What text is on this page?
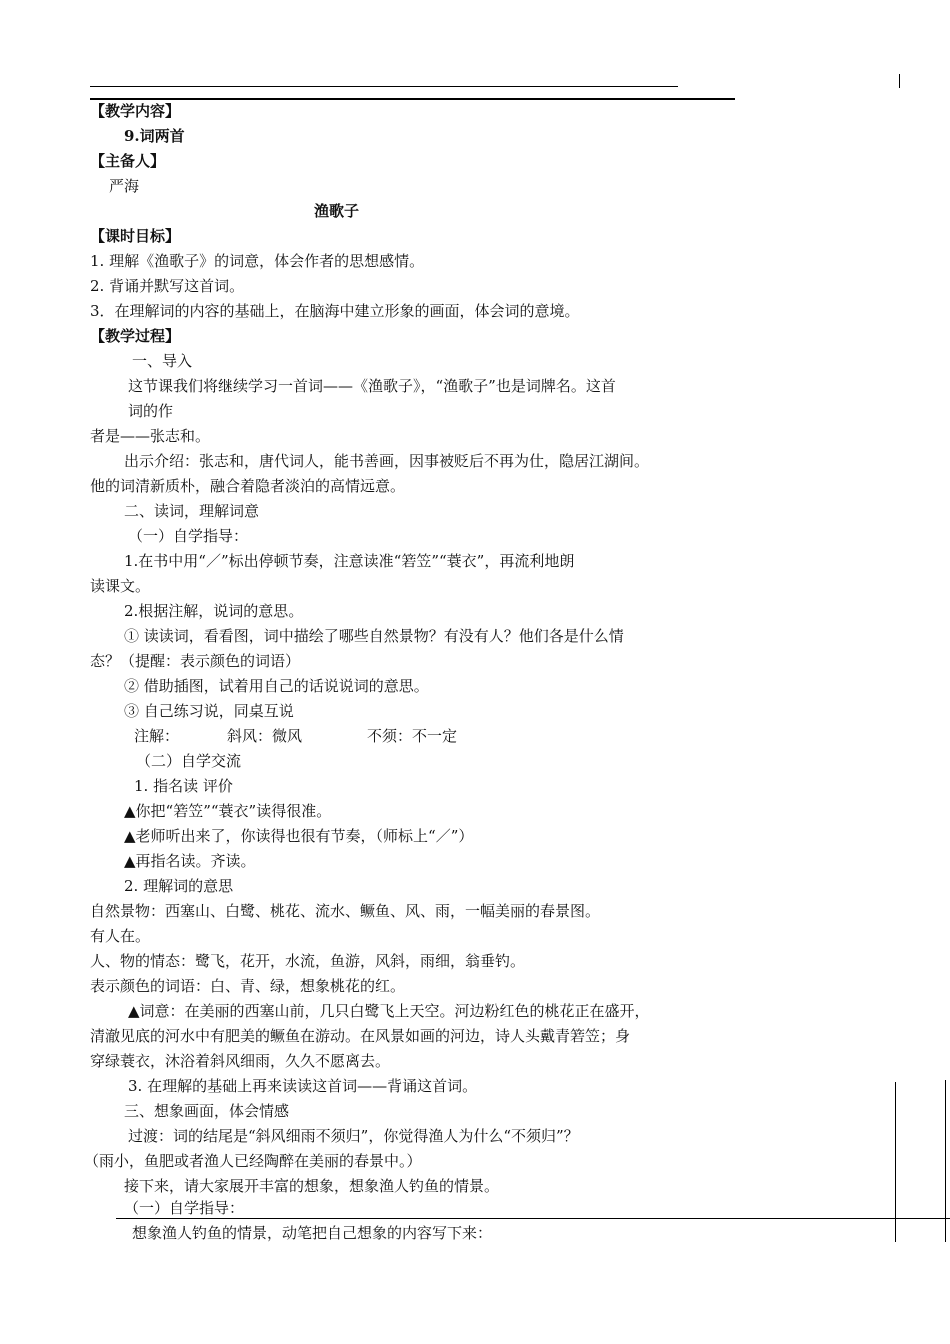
【教学内容】
9.词两首
【主备人】
严海
渔歌子
【课时目标】
1. 理解《渔歌子》的词意，体会作者的思想感情。
2. 背诵并默写这首词。
3．在理解词的内容的基础上，在脑海中建立形象的画面，体会词的意境。
【教学过程】
一、导入
这节课我们将继续学习一首词——《渔歌子》，“渔歌子”也是词牌名。这首
词的作
者是——张志和。
出示介绍：张志和，唐代词人，能书善画，因事被贬后不再为仕，隐居江湖间。
他的词清新质朴，融合着隐者淡泊的高情远意。
二、读词，理解词意
（一）自学指导：
1.在书中用“／”标出停顿节奏，注意读准“箬笠”“蓑衣”，再流利地朗
读课文。
2.根据注解，说词的意思。
① 读读词，看看图，词中描绘了哪些自然景物？有没有人？他们各是什么情
态？（提醒：表示颜色的词语）
② 借助插图，试着用自己的话说说词的意思。
③ 自己练习说，同桌互说
注解：	斜风：微风	不须：不一定
（二）自学交流
1. 指名读 评价
▲你把“箬笠”“蓑衣”读得很准。
▲老师听出来了，你读得也很有节奏，（师标上“／”）
▲再指名读。齐读。
2. 理解词的意思
自然景物：西塞山、白鹭、桃花、流水、鳜鱼、风、雨，一幅美丽的春景图。
有人在。
人、物的情态：鹭飞，花开，水流，鱼游，风斜，雨细，翁垂钓。
表示颜色的词语：白、青、绿，想象桃花的红。
▲词意：在美丽的西塞山前，几只白鹭飞上天空。河边粉红色的桃花正在盛开，
清澈见底的河水中有肥美的鳜鱼在游动。在风景如画的河边，诗人头戴青箬笠；身
穿绿蓑衣，沐浴着斜风细雨，久久不愿离去。
3. 在理解的基础上再来读读这首词——背诵这首词。
三、想象画面，体会情感
过渡：词的结尾是“斜风细雨不须归”，你觉得渔人为什么“不须归”？
（雨小，鱼肥或者渔人已经陶醉在美丽的春景中。）
接下来，请大家展开丰富的想象，想象渔人钓鱼的情景。
（一）自学指导：
想象渔人钓鱼的情景，动笔把自己想象的内容写下来：
